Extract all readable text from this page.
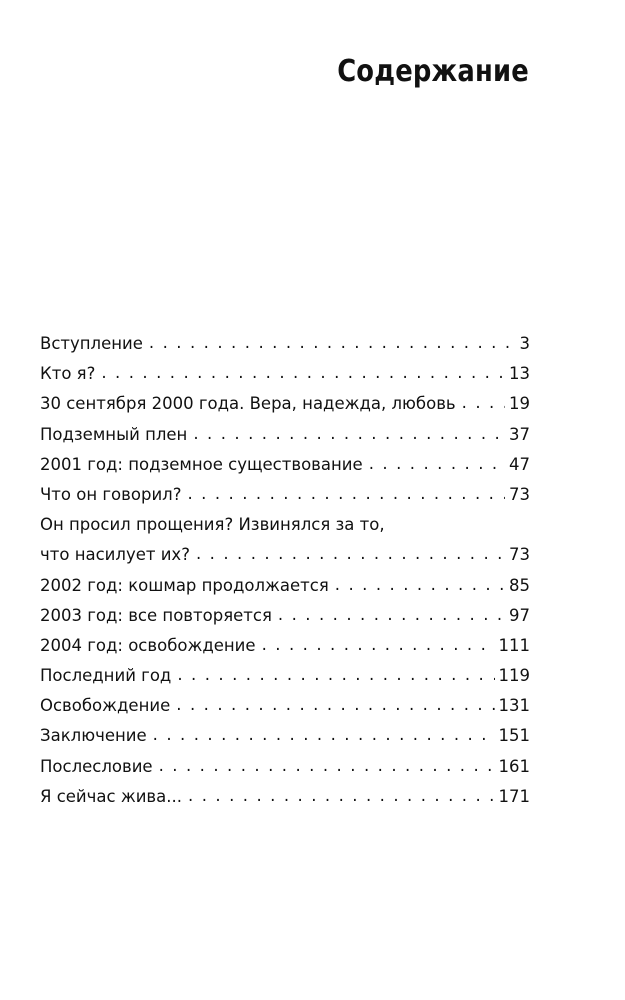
Содержание
Вступление . . .	3
Кто я? . . .	13
30 сентября 2000 года. Вера, надежда, любовь . . .	19
Подземный плен . . .	37
2001 год: подземное существование . . .	47
Что он говорил? . . .	73
Он просил прощения? Извинялся за то,
что насилует их? . . .	73
2002 год: кошмар продолжается . . .	85
2003 год: все повторяется . . .	97
2004 год: освобождение . . .	111
Последний год . . .	119
Освобождение . . .	131
Заключение . . .	151
Послесловие . . .	161
Я сейчас жива... . . .	171
